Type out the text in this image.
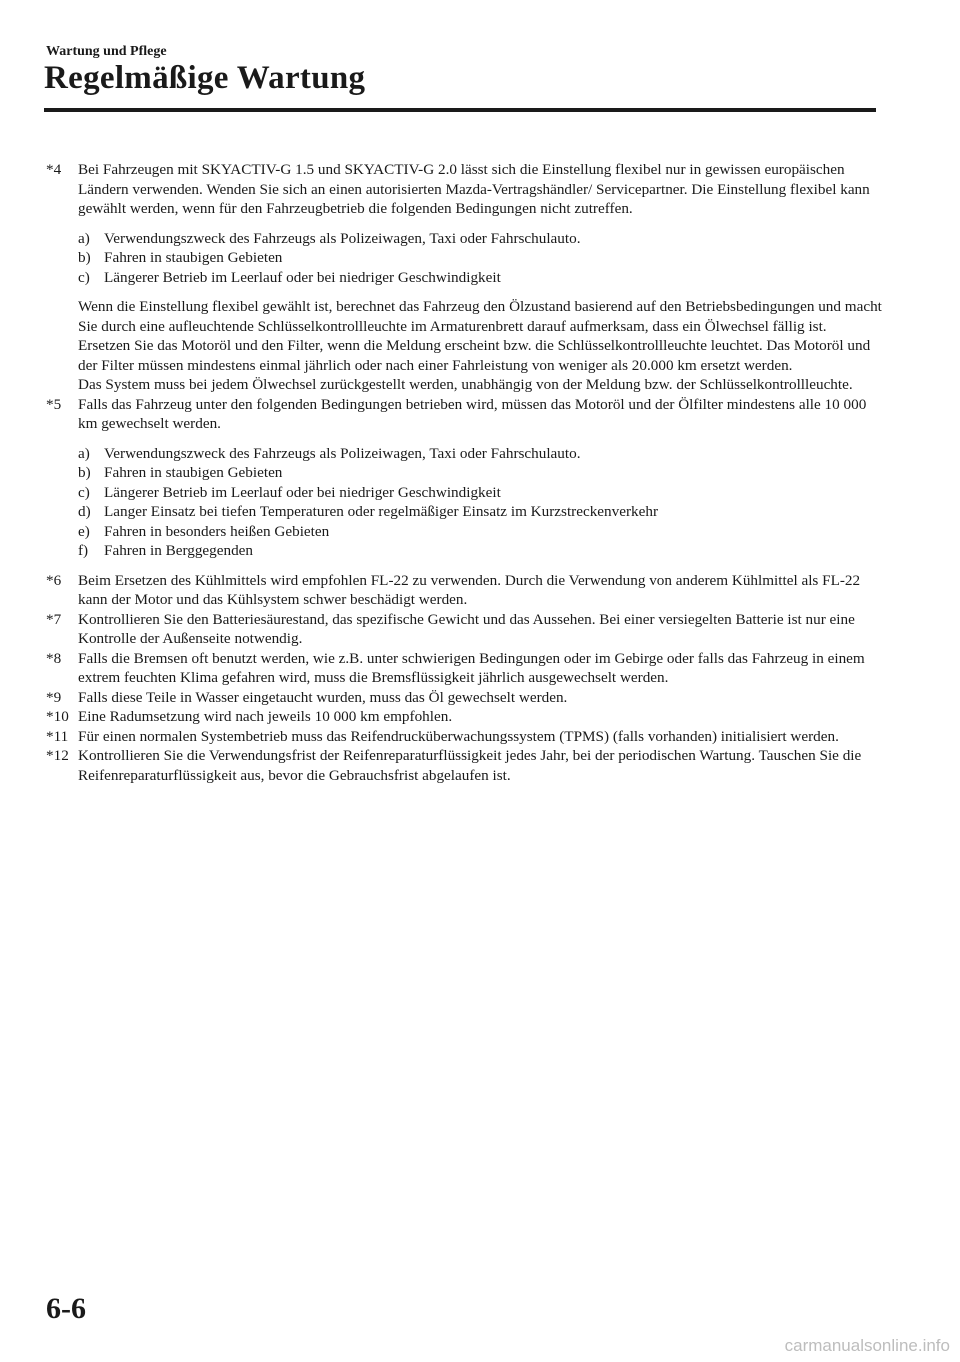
Wartung und Pflege
Regelmäßige Wartung
*4	Bei Fahrzeugen mit SKYACTIV-G 1.5 und SKYACTIV-G 2.0 lässt sich die Einstellung flexibel nur in gewissen europäischen Ländern verwenden. Wenden Sie sich an einen autorisierten Mazda-Vertragshändler/ Servicepartner. Die Einstellung flexibel kann gewählt werden, wenn für den Fahrzeugbetrieb die folgenden Bedingungen nicht zutreffen.

a) Verwendungszweck des Fahrzeugs als Polizeiwagen, Taxi oder Fahrschulauto.
b) Fahren in staubigen Gebieten
c) Längerer Betrieb im Leerlauf oder bei niedriger Geschwindigkeit

Wenn die Einstellung flexibel gewählt ist, berechnet das Fahrzeug den Ölzustand basierend auf den Betriebsbedingungen und macht Sie durch eine aufleuchtende Schlüsselkontrollleuchte im Armaturenbrett darauf aufmerksam, dass ein Ölwechsel fällig ist.

Ersetzen Sie das Motoröl und den Filter, wenn die Meldung erscheint bzw. die Schlüsselkontrollleuchte leuchtet. Das Motoröl und der Filter müssen mindestens einmal jährlich oder nach einer Fahrleistung von weniger als 20.000 km ersetzt werden.

Das System muss bei jedem Ölwechsel zurückgestellt werden, unabhängig von der Meldung bzw. der Schlüsselkontrollleuchte.

*5	Falls das Fahrzeug unter den folgenden Bedingungen betrieben wird, müssen das Motoröl und der Ölfilter mindestens alle 10 000 km gewechselt werden.

a) Verwendungszweck des Fahrzeugs als Polizeiwagen, Taxi oder Fahrschulauto.
b) Fahren in staubigen Gebieten
c) Längerer Betrieb im Leerlauf oder bei niedriger Geschwindigkeit
d) Langer Einsatz bei tiefen Temperaturen oder regelmäßiger Einsatz im Kurzstreckenverkehr
e) Fahren in besonders heißen Gebieten
f)	Fahren in Berggegenden
*6	Beim Ersetzen des Kühlmittels wird empfohlen FL-22 zu verwenden. Durch die Verwendung von anderem Kühlmittel als FL-22 kann der Motor und das Kühlsystem schwer beschädigt werden.
*7	Kontrollieren Sie den Batteriesäurestand, das spezifische Gewicht und das Aussehen. Bei einer versiegelten Batterie ist nur eine Kontrolle der Außenseite notwendig.
*8	Falls die Bremsen oft benutzt werden, wie z.B. unter schwierigen Bedingungen oder im Gebirge oder falls das Fahrzeug in einem extrem feuchten Klima gefahren wird, muss die Bremsflüssigkeit jährlich ausgewechselt werden.
*9	Falls diese Teile in Wasser eingetaucht wurden, muss das Öl gewechselt werden.
*10 Eine Radumsetzung wird nach jeweils 10 000 km empfohlen.
*11 Für einen normalen Systembetrieb muss das Reifendrucküberwachungssystem (TPMS) (falls vorhanden) initialisiert werden.
*12 Kontrollieren Sie die Verwendungsfrist der Reifenreparaturflüssigkeit jedes Jahr, bei der periodischen Wartung. Tauschen Sie die Reifenreparaturflüssigkeit aus, bevor die Gebrauchsfrist abgelaufen ist.
6-6
carmanualsonline.info
